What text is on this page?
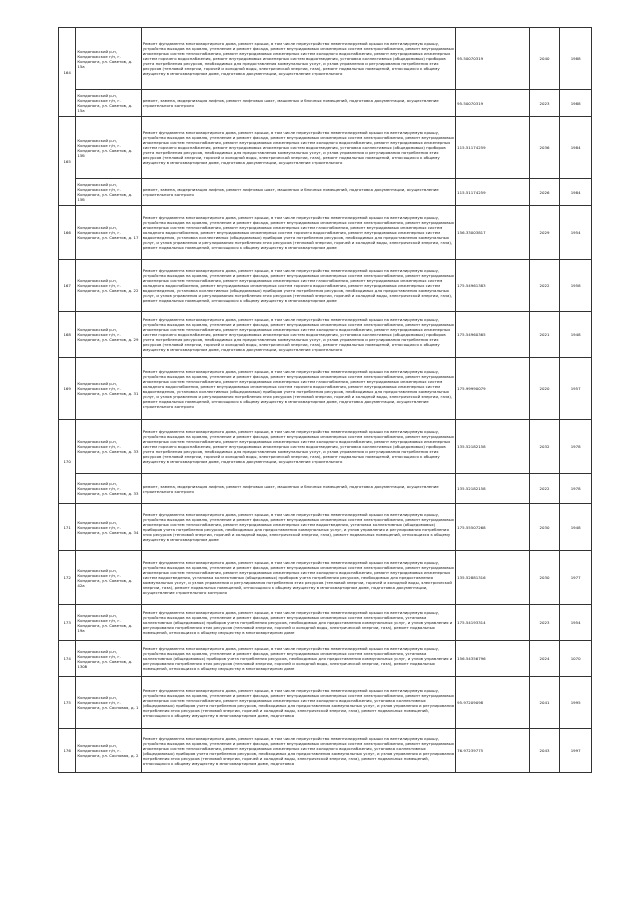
164	Кондопожский р-н, Кондопожское г/п, г. Кондопога, ул. Советов, д. 15а	Ремонт фундамента многоквартирного дома, ремонт крыши, в том числе переустройство невентилируемой крыши на вентилируемую крышу, устройство выходов на кровлю, утепление и ремонт фасада, ремонт внутридомовых инженерных систем электроснабжения, ремонт внутридомовых инженерных систем теплоснабжения, ремонт внутридомовых инженерных систем холодного водоснабжения, ремонт внутридомовых инженерных систем горячего водоснабжения, ремонт внутридомовых инженерных систем водоотведения, установка коллективных (общедомовых) приборов учета потребления ресурсов, необходимых для предоставления коммунальных услуг, и узлов управления и регулирования потребления этих ресурсов (тепловой энергии, горячей и холодной воды, электрической энергии, газа), ремонт подвальных помещений, относящихся к общему имуществу в многоквартирном доме, подготовка документации, осуществление строительного	95.50070319	2040	1988

	Кондопожский р-н, Кондопожское г/п, г. Кондопога, ул. Советов, д. 15а	ремонт, замена, модернизация лифтов, ремонт лифтовых шахт, машинных и блочных помещений, подготовка документации, осуществление строительного контроля	95.50070319	2023	1988

165	Кондопожский р-н, Кондопожское г/п, г. Кондопога, ул. Советов, д. 15б	Ремонт фундамента многоквартирного дома, ремонт крыши, в том числе переустройство невентилируемой крыши на вентилируемую крышу, устройство выходов на кровлю, утепление и ремонт фасада, ремонт внутридомовых инженерных систем электроснабжения, ремонт внутридомовых инженерных систем теплоснабжения, ремонт внутридомовых инженерных систем холодного водоснабжения, ремонт внутридомовых инженерных систем горячего водоснабжения, ремонт внутридомовых инженерных систем водоотведения, установка коллективных (общедомовых) приборов учета потребления ресурсов, необходимых для предоставления коммунальных услуг, и узлов управления и регулирования потребления этих ресурсов (тепловой энергии, горячей и холодной воды, электрической энергии, газа), ремонт подвальных помещений, относящихся к общему имуществу в многоквартирном доме, подготовка документации, осуществление строительного	115.51174259	2036	1984

	Кондопожский р-н, Кондопожское г/п, г. Кондопога, ул. Советов, д. 15б	ремонт, замена, модернизация лифтов, ремонт лифтовых шахт, машинных и блочных помещений, подготовка документации, осуществление строительного контроля	115.51174259	2026	1984

166	Кондопожский р-н, Кондопожское г/п, г. Кондопога, ул. Советов, д. 17	Ремонт фундамента многоквартирного дома, ремонт крыши, в том числе переустройство невентилируемой крыши на вентилируемую крышу, устройство выходов на кровлю, утепление и ремонт фасада, ремонт внутридомовых инженерных систем электроснабжения, ремонт внутридомовых инженерных систем теплоснабжения, ремонт внутридомовых инженерных систем газоснабжения, ремонт внутридомовых инженерных систем холодного водоснабжения, ремонт внутридомовых инженерных систем горячего водоснабжения, ремонт внутридомовых инженерных систем водоотведения, установка коллективных (общедомовых) приборов учета потребления ресурсов, необходимых для предоставления коммунальных услуг, и узлов управления и регулирования потребления этих ресурсов (тепловой энергии, горячей и холодной воды, электрической энергии, газа), ремонт подвальных помещений, относящихся к общему имуществу в многоквартирном доме	156.33003817	2029	1954

167	Кондопожский р-н, Кондопожское г/п, г. Кондопога, ул. Советов, д. 22	Ремонт фундамента многоквартирного дома, ремонт крыши, в том числе переустройство невентилируемой крыши на вентилируемую крышу, устройство выходов на кровлю, утепление и ремонт фасада, ремонт внутридомовых инженерных систем электроснабжения, ремонт внутридомовых инженерных систем теплоснабжения, ремонт внутридомовых инженерных систем газоснабжения, ремонт внутридомовых инженерных систем холодного водоснабжения, ремонт внутридомовых инженерных систем горячего водоснабжения, ремонт внутридомовых инженерных систем водоотведения, установка коллективных (общедомовых) приборов учета потребления ресурсов, необходимых для предоставления коммунальных услуг, и узлов управления и регулирования потребления этих ресурсов (тепловой энергии, горячей и холодной воды, электрической энергии, газа), ремонт подвальных помещений, относящихся к общему имуществу в многоквартирном доме	175.54961383	2022	1958

168	Кондопожский р-н, Кондопожское г/п, г. Кондопога, ул. Советов, д. 29	Ремонт фундамента многоквартирного дома, ремонт крыши, в том числе переустройство невентилируемой крыши на вентилируемую крышу, устройство выходов на кровлю, утепление и ремонт фасада, ремонт внутридомовых инженерных систем электроснабжения, ремонт внутридомовых инженерных систем теплоснабжения, ремонт внутридомовых инженерных систем холодного водоснабжения, ремонт внутридомовых инженерных систем горячего водоснабжения, ремонт внутридомовых инженерных систем водоотведения, установка коллективных (общедомовых) приборов учета потребления ресурсов, необходимых для предоставления коммунальных услуг, и узлов управления и регулирования потребления этих ресурсов (тепловой энергии, горячей и холодной воды, электрической энергии, газа), ремонт подвальных помещений, относящихся к общему имуществу в многоквартирном доме, подготовка документации, осуществление строительного	175.54960365	2021	1948

169	Кондопожский р-н, Кондопожское г/п, г. Кондопога, ул. Советов, д. 31	Ремонт фундамента многоквартирного дома, ремонт крыши, в том числе переустройство невентилируемой крыши на вентилируемую крышу, устройство выходов на кровлю, утепление и ремонт фасада, ремонт внутридомовых инженерных систем электроснабжения, ремонт внутридомовых инженерных систем теплоснабжения, ремонт внутридомовых инженерных систем газоснабжения, ремонт внутридомовых инженерных систем холодного водоснабжения, ремонт внутридомовых инженерных систем горячего водоснабжения, ремонт внутридомовых инженерных систем водоотведения, установка коллективных (общедомовых) приборов учета потребления ресурсов, необходимых для предоставления коммунальных услуг, и узлов управления и регулирования потребления этих ресурсов (тепловой энергии, горячей и холодной воды, электрической энергии, газа), ремонт подвальных помещений, относящихся к общему имуществу в многоквартирном доме, подготовка документации, осуществление строительного контроля	175.99990079	2020	1957

170	Кондопожский р-н, Кондопожское г/п, г. Кондопога, ул. Советов, д. 33	Ремонт фундамента многоквартирного дома, ремонт крыши, в том числе переустройство невентилируемой крыши на вентилируемую крышу, устройство выходов на кровлю, утепление и ремонт фасада, ремонт внутридомовых инженерных систем электроснабжения, ремонт внутридомовых инженерных систем теплоснабжения, ремонт внутридомовых инженерных систем холодного водоснабжения, ремонт внутридомовых инженерных систем горячего водоснабжения, ремонт внутридомовых инженерных систем водоотведения, установка коллективных (общедомовых) приборов учета потребления ресурсов, необходимых для предоставления коммунальных услуг, и узлов управления и регулирования потребления этих ресурсов (тепловой энергии, горячей и холодной воды, электрической энергии, газа), ремонт подвальных помещений, относящихся к общему имуществу в многоквартирном доме, подготовка документации, осуществление строительного	135.52182158	2032	1978

	Кондопожский р-н, Кондопожское г/п, г. Кондопога, ул. Советов, д. 33	ремонт, замена, модернизация лифтов, ремонт лифтовых шахт, машинных и блочных помещений, подготовка документации, осуществление строительного контроля	135.52182158	2022	1978

171	Кондопожский р-н, Кондопожское г/п, г. Кондопога, ул. Советов, д. 34	Ремонт фундамента многоквартирного дома, ремонт крыши, в том числе переустройство невентилируемой крыши на вентилируемую крышу, устройство выходов на кровлю, утепление и ремонт фасада, ремонт внутридомовых инженерных систем электроснабжения, ремонт внутридомовых инженерных систем теплоснабжения, ремонт внутридомовых инженерных систем водоотведения, установка коллективных (общедомовых) приборов учета потребления ресурсов, необходимых для предоставления коммунальных услуг, и узлов управления и регулирования потребления этих ресурсов (тепловой энергии, горячей и холодной воды, электрической энергии, газа), ремонт подвальных помещений, относящихся к общему имуществу в многоквартирном доме	175.55507268	2030	1948

172	Кондопожский р-н, Кондопожское г/п, г. Кондопога, ул. Советов, д. 42а	Ремонт фундамента многоквартирного дома, ремонт крыши, в том числе переустройство невентилируемой крыши на вентилируемую крышу, устройство выходов на кровлю, утепление и ремонт фасада, ремонт внутридомовых инженерных систем электроснабжения, ремонт внутридомовых инженерных систем теплоснабжения, ремонт внутридомовых инженерных систем холодного водоснабжения, ремонт внутридомовых инженерных систем водоотведения, установка коллективных (общедомовых) приборов учета потребления ресурсов, необходимых для предоставления коммунальных услуг, и узлов управления и регулирования потребления этих ресурсов (тепловой энергии, горячей и холодной воды, электрической энергии, газа), ремонт подвальных помещений, относящихся к общему имуществу в многоквартирном доме, подготовка документации, осуществление строительного контроля	135.52881316	2030	1977

173	Кондопожский р-н, Кондопожское г/п, г. Кондопога, ул. Советов, д. 19а	Ремонт фундамента многоквартирного дома, ремонт крыши, в том числе переустройство невентилируемой крыши на вентилируемую крышу, устройство выходов на кровлю, утепление и ремонт фасада, ремонт внутридомовых инженерных систем электроснабжения, установка коллективных (общедомовых) приборов учета потребления ресурсов, необходимых для предоставления коммунальных услуг, и узлов управления и регулирования потребления этих ресурсов (тепловой энергии, горячей и холодной воды, электрической энергии, газа), ремонт подвальных помещений, относящихся к общему имуществу в многоквартирном доме	175.54193314	2023	1954

174	Кондопожский р-н, Кондопожское г/п, г. Кондопога, ул. Советов, д. 130б	Ремонт фундамента многоквартирного дома, ремонт крыши, в том числе переустройство невентилируемой крыши на вентилируемую крышу, устройство выходов на кровлю, утепление и ремонт фасада, ремонт внутридомовых инженерных систем электроснабжения, установка коллективных (общедомовых) приборов учета потребления ресурсов, необходимых для предоставления коммунальных услуг, и узлов управления и регулирования потребления этих ресурсов (тепловой энергии, горячей и холодной воды, электрической энергии, газа), ремонт подвальных помещений, относящихся к общему имуществу в многоквартирном доме	156.54356796	2024	1070

175	Кондопожский р-н, Кондопожское г/п, г. Кондопога, ул. Сосновая, д. 1	Ремонт фундамента многоквартирного дома, ремонт крыши, в том числе переустройство невентилируемой крыши на вентилируемую крышу, устройство выходов на кровлю, утепление и ремонт фасада, ремонт внутридомовых инженерных систем электроснабжения, ремонт внутридомовых инженерных систем теплоснабжения, ремонт внутридомовых инженерных систем холодного водоснабжения, установка коллективных (общедомовых) приборов учета потребления ресурсов, необходимых для предоставления коммунальных услуг, и узлов управления и регулирования потребления этих ресурсов (тепловой энергии, горячей и холодной воды, электрической энергии, газа), ремонт подвальных помещений, относящихся к общему имуществу в многоквартирном доме, подготовка	95.97209098	2041	1995

176	Кондопожский р-н, Кондопожское г/п, г. Кондопога, ул. Сосновая, д. 2	Ремонт фундамента многоквартирного дома, ремонт крыши, в том числе переустройство невентилируемой крыши на вентилируемую крышу, устройство выходов на кровлю, утепление и ремонт фасада, ремонт внутридомовых инженерных систем электроснабжения, ремонт внутридомовых инженерных систем теплоснабжения, ремонт внутридомовых инженерных систем холодного водоснабжения, установка коллективных (общедомовых) приборов учета потребления ресурсов, необходимых для предоставления коммунальных услуг, и узлов управления и регулирования потребления этих ресурсов (тепловой энергии, горячей и холодной воды, электрической энергии, газа), ремонт подвальных помещений, относящихся к общему имуществу в многоквартирном доме, подготовка	76.97239775	2043	1997
